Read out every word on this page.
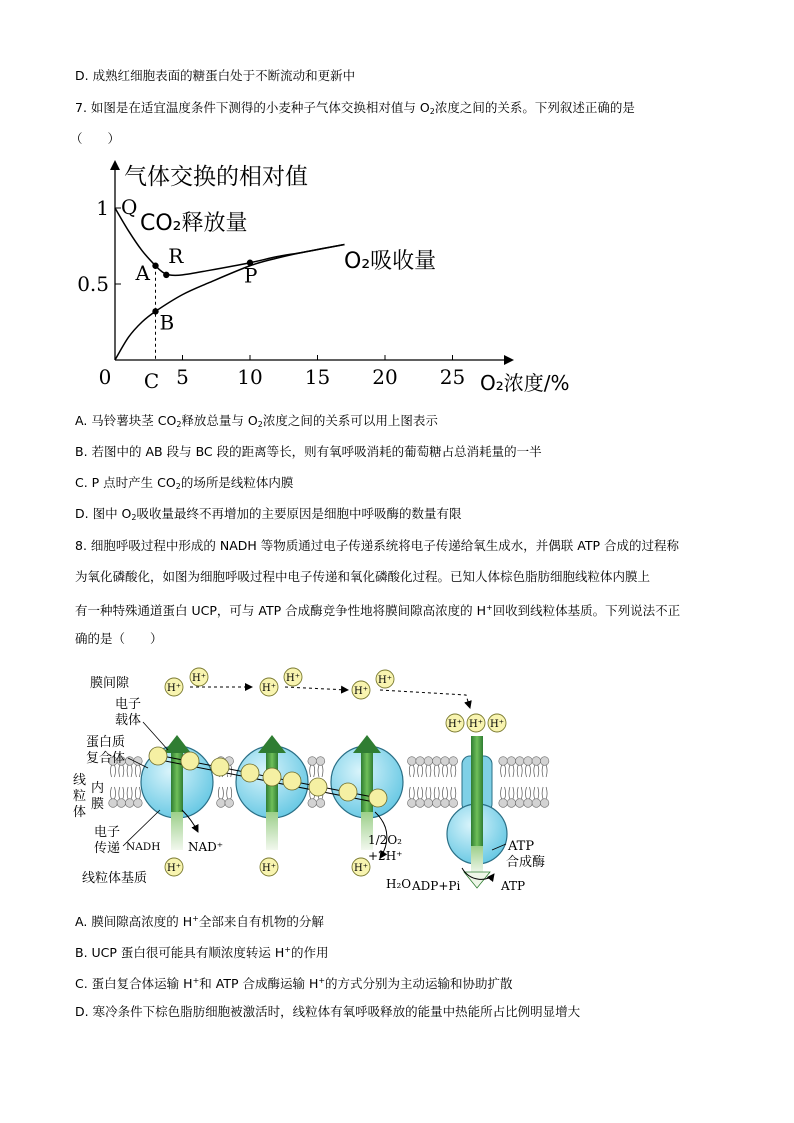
D. 成熟红细胞表面的糖蛋白处于不断流动和更新中
7. 如图是在适宜温度条件下测得的小麦种子气体交换相对值与 $O_2$浓度之间的关系。下列叙述正确的是
（　　）
气体交换的相对值
0	5 10 15 20 25
0.5
1
O₂浓度/%
CO₂释放量
O₂吸收量
Q
R
A
B
C
P
A. 马铃薯块茎 $CO_2$释放总量与 $O_2$浓度之间的关系可以用上图表示
B. 若图中的 AB 段与 BC 段的距离等长，则有氧呼吸消耗的葡萄糖占总消耗量的一半
C. P 点时产生 $CO_2$的场所是线粒体内膜
D. 图中 $O_2$吸收量最终不再增加的主要原因是细胞中呼吸酶的数量有限
8. 细胞呼吸过程中形成的 NADH 等物质通过电子传递系统将电子传递给氧生成水，并偶联 ATP 合成的过程称
为氧化磷酸化，如图为细胞呼吸过程中电子传递和氧化磷酸化过程。已知人体棕色脂肪细胞线粒体内膜上
有一种特殊通道蛋白 UCP，可与 ATP 合成酶竞争性地将膜间隙高浓度的 H+回收到线粒体基质。下列说法不正
确的是（　　）
H⁺
H⁺
H⁺
H⁺
H⁺
H⁺
H⁺ H⁺ H⁺
H⁺	H⁺	H⁺
膜间隙
电子
载体
蛋白质
复合体
线
粒
体
内
膜
电子
传递 NADH NAD⁺
线粒体基质
1/2O₂
+2H⁺
H₂O ADP+Pi	ATP
ATP
合成酶
A. 膜间隙高浓度的 H+全部来自有机物的分解
B. UCP 蛋白很可能具有顺浓度转运 H+的作用
C. 蛋白复合体运输 H+和 ATP 合成酶运输 H+的方式分别为主动运输和协助扩散
D. 寒冷条件下棕色脂肪细胞被激活时，线粒体有氧呼吸释放的能量中热能所占比例明显增大
